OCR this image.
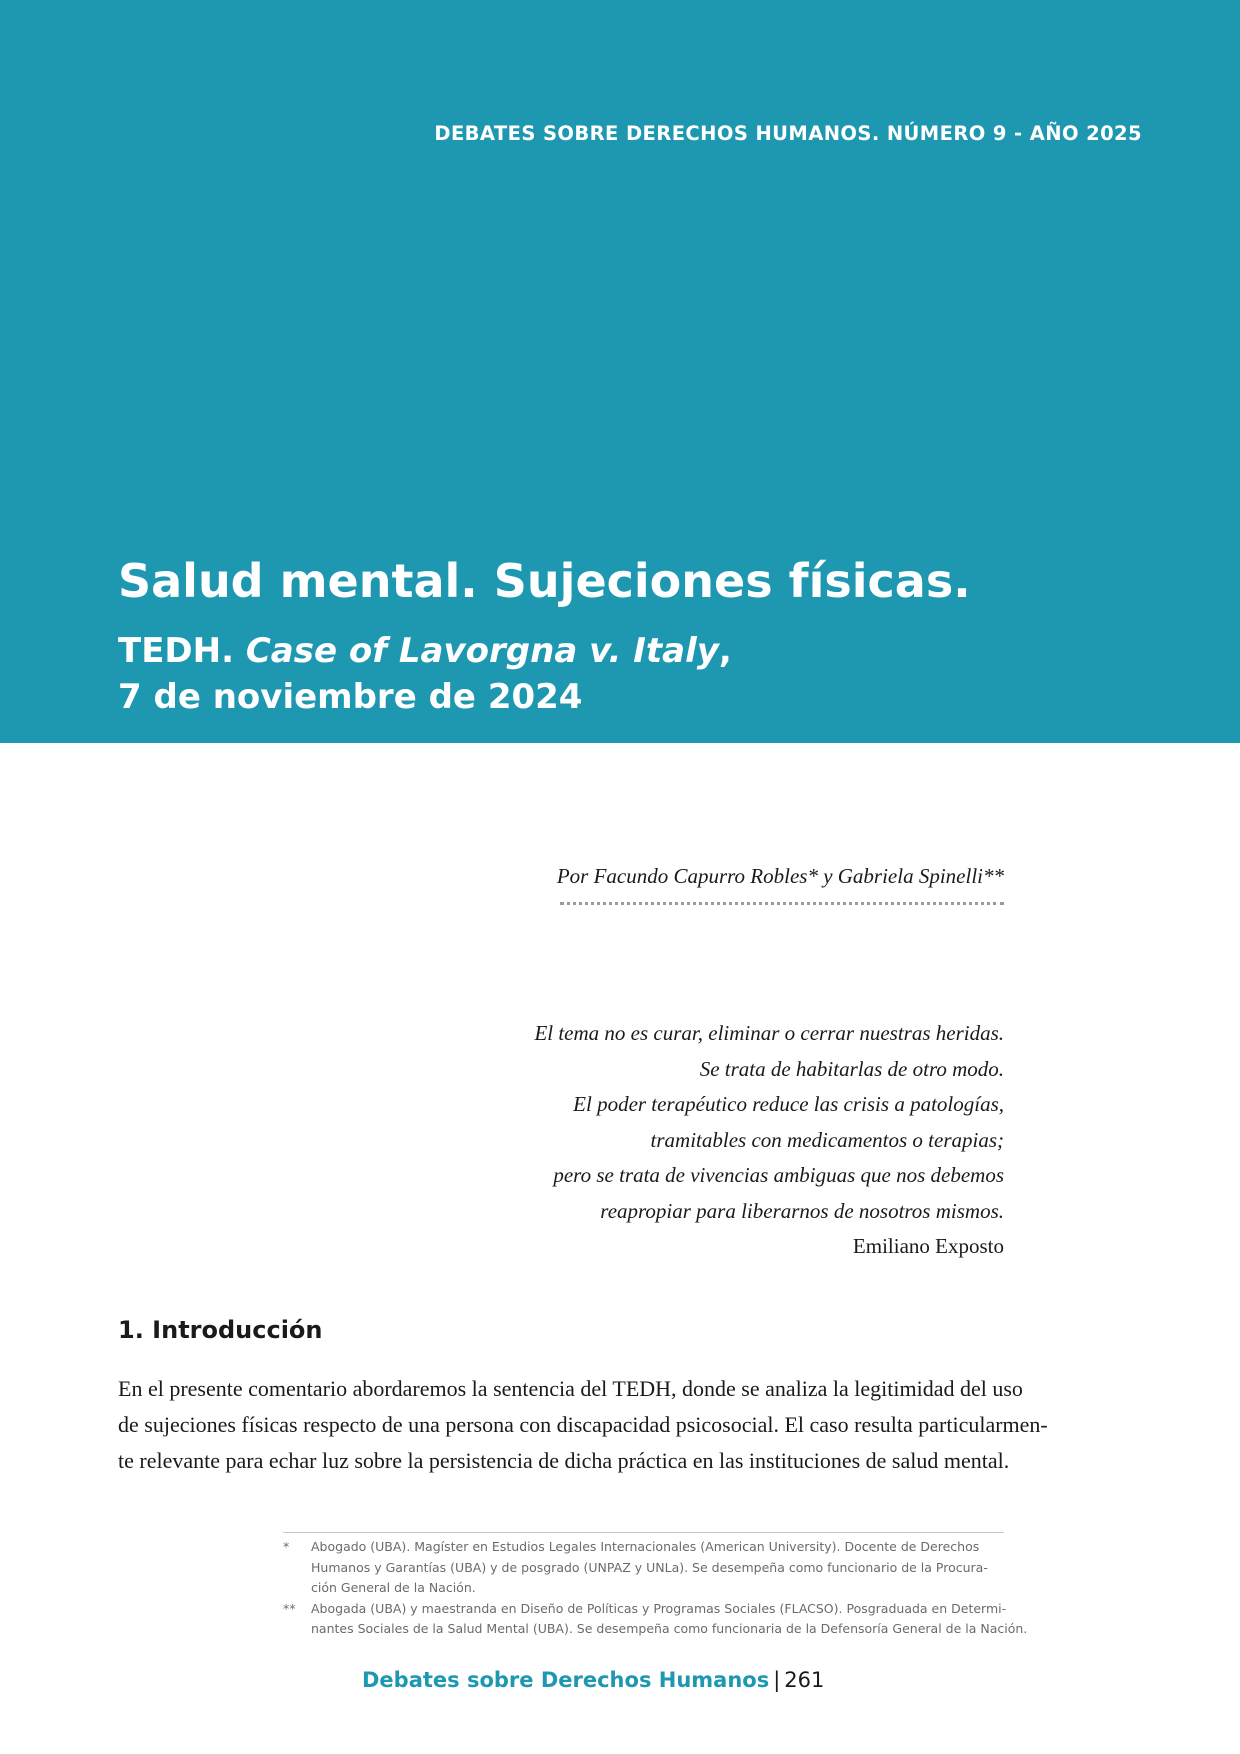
DEBATES SOBRE DERECHOS HUMANOS. NÚMERO 9 - AÑO 2025
Salud mental. Sujeciones físicas.
TEDH. Case of Lavorgna v. Italy,
7 de noviembre de 2024
Por Facundo Capurro Robles* y Gabriela Spinelli**
El tema no es curar, eliminar o cerrar nuestras heridas.
Se trata de habitarlas de otro modo.
El poder terapéutico reduce las crisis a patologías,
tramitables con medicamentos o terapias;
pero se trata de vivencias ambiguas que nos debemos
reapropiar para liberarnos de nosotros mismos.
Emiliano Exposto
1. Introducción
En el presente comentario abordaremos la sentencia del TEDH, donde se analiza la legitimidad del uso
de sujeciones físicas respecto de una persona con discapacidad psicosocial. El caso resulta particularmen-
te relevante para echar luz sobre la persistencia de dicha práctica en las instituciones de salud mental.
* Abogado (UBA). Magíster en Estudios Legales Internacionales (American University). Docente de Derechos
Humanos y Garantías (UBA) y de posgrado (UNPAZ y UNLa). Se desempeña como funcionario de la Procura-
ción General de la Nación.
** Abogada (UBA) y maestranda en Diseño de Políticas y Programas Sociales (FLACSO). Posgraduada en Determi-
nantes Sociales de la Salud Mental (UBA). Se desempeña como funcionaria de la Defensoría General de la Nación.
Debates sobre Derechos Humanos | 261
